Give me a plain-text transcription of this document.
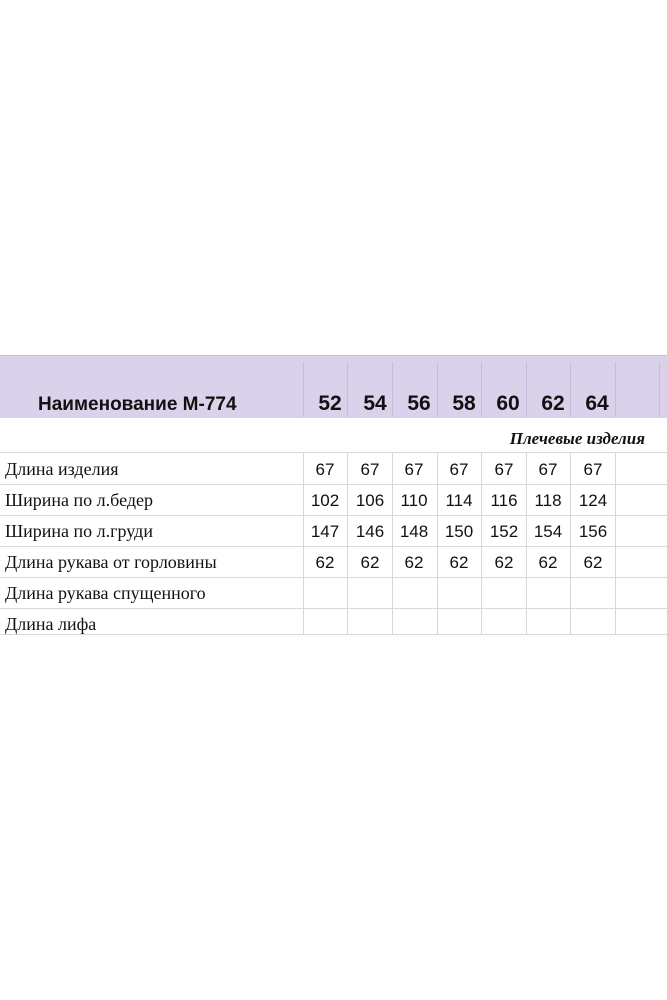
Наименование М-774	52	54 56	58 60	62 64
Плечевые изделия
Длина изделия	67	67	67	67	67	67	67
Ширина по л.бедер	102 106 110	114	116 118	124
Ширина по л.груди	147 146 148 150 152 154 156
Длина рукава от горловины	62	62	62	62	62	62	62
Длина рукава спущенного
Длина лифа
